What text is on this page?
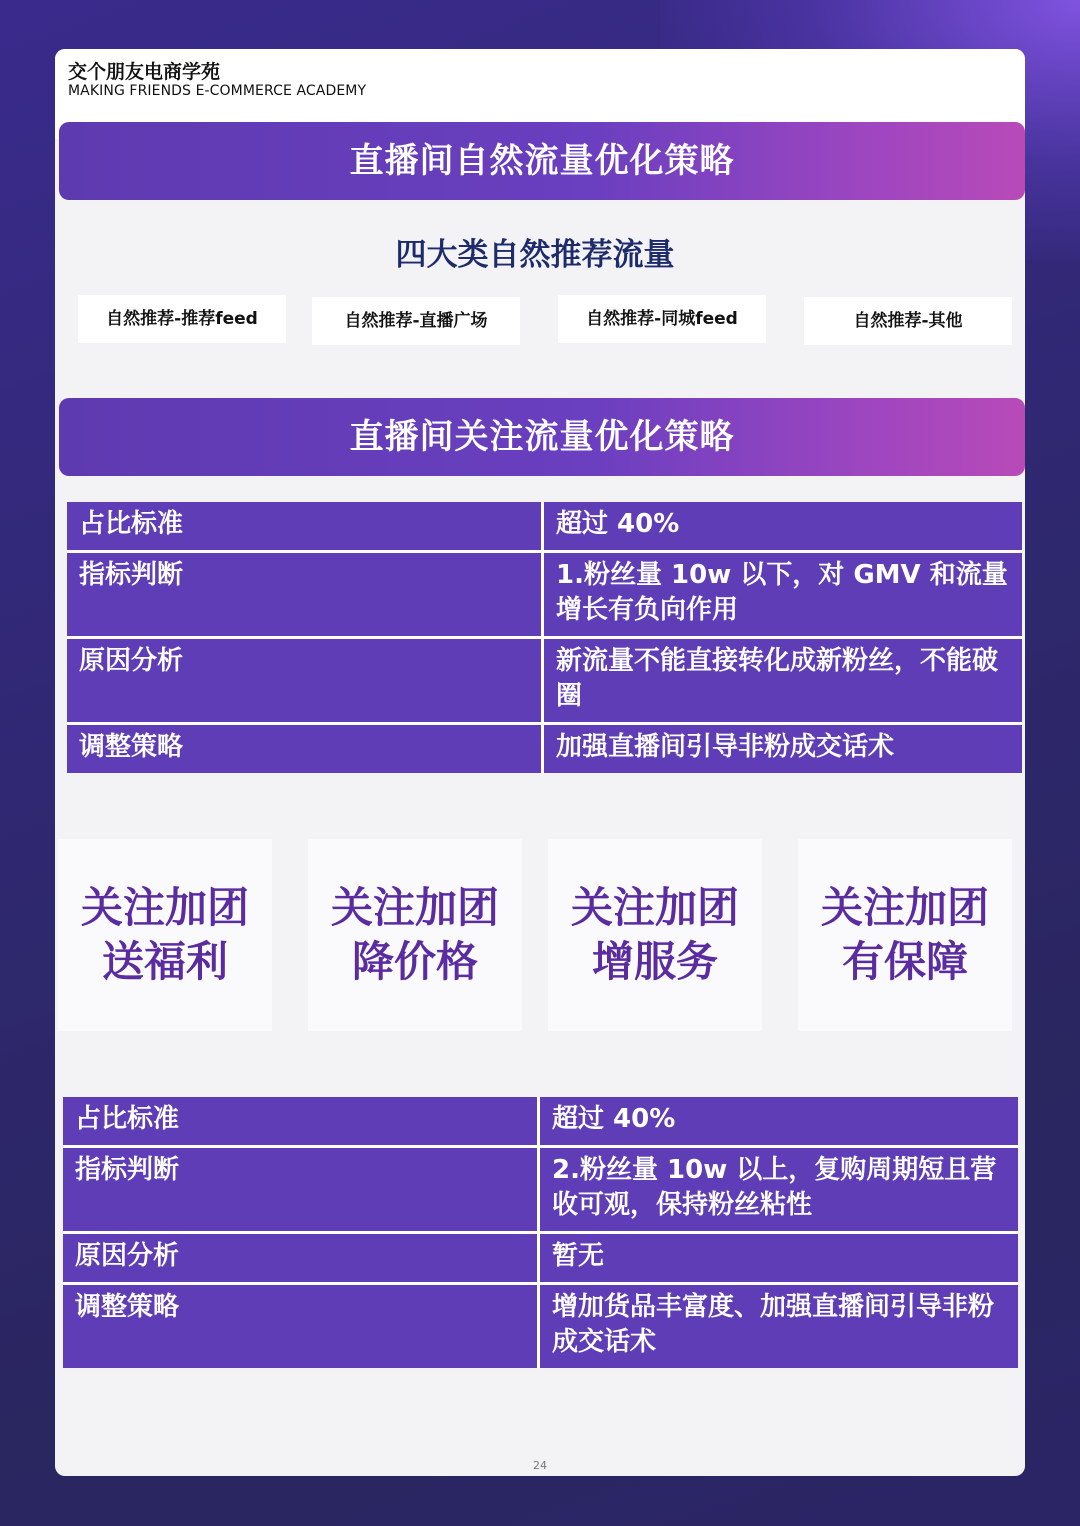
交个朋友电商学苑
MAKING FRIENDS E-COMMERCE ACADEMY
直播间自然流量优化策略
四大类自然推荐流量
自然推荐-推荐feed	自然推荐-直播广场	自然推荐-同城feed	自然推荐-其他
直播间关注流量优化策略
占比标准	超过 40%
指标判断	1.粉丝量 10w 以下，对 GMV 和流量增长有负向作用
原因分析	新流量不能直接转化成新粉丝，不能破圈
调整策略	加强直播间引导非粉成交话术
关注加团
送福利
关注加团
降价格
关注加团
增服务
关注加团
有保障
占比标准	超过 40%
指标判断	2.粉丝量 10w 以上，复购周期短且营收可观，保持粉丝粘性
原因分析	暂无
调整策略	增加货品丰富度、加强直播间引导非粉成交话术
24
